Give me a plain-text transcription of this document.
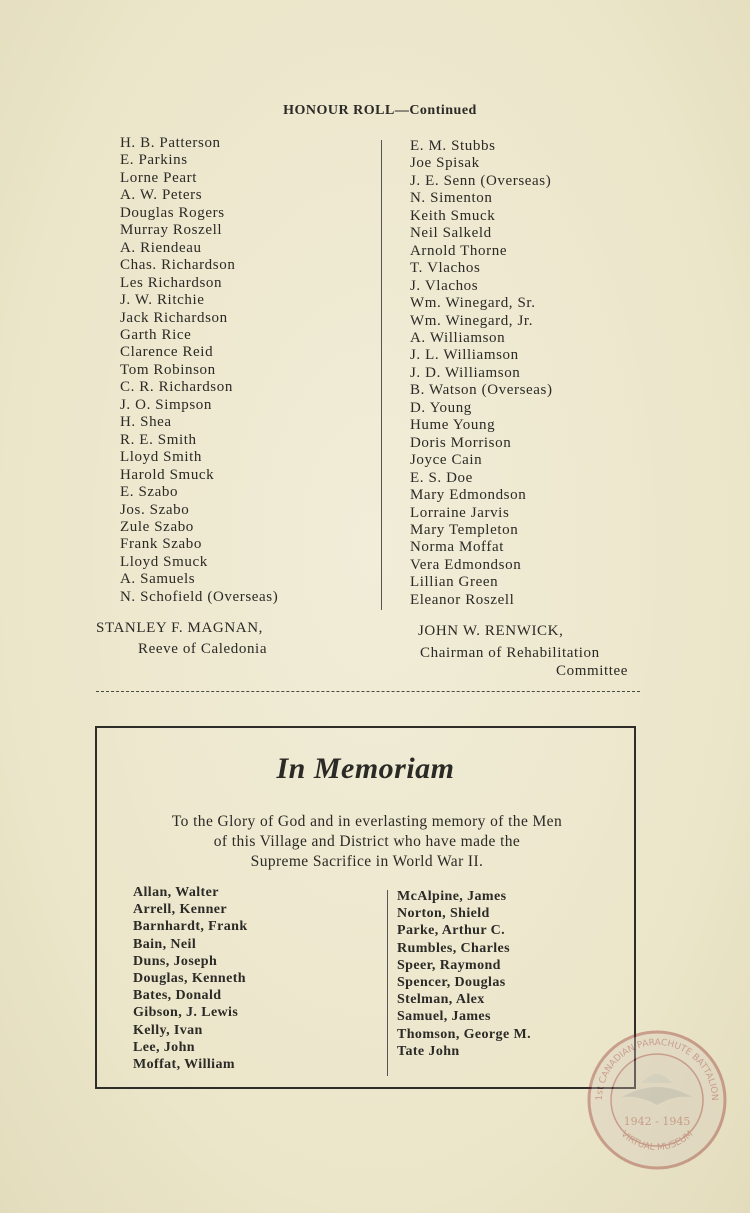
HONOUR ROLL—Continued
H. B. Patterson
E. Parkins
Lorne Peart
A. W. Peters
Douglas Rogers
Murray Roszell
A. Riendeau
Chas. Richardson
Les Richardson
J. W. Ritchie
Jack Richardson
Garth Rice
Clarence Reid
Tom Robinson
C. R. Richardson
J. O. Simpson
H. Shea
R. E. Smith
Lloyd Smith
Harold Smuck
E. Szabo
Jos. Szabo
Zule Szabo
Frank Szabo
Lloyd Smuck
A. Samuels
N. Schofield (Overseas)
E. M. Stubbs
Joe Spisak
J. E. Senn (Overseas)
N. Simenton
Keith Smuck
Neil Salkeld
Arnold Thorne
T. Vlachos
J. Vlachos
Wm. Winegard, Sr.
Wm. Winegard, Jr.
A. Williamson
J. L. Williamson
J. D. Williamson
B. Watson (Overseas)
D. Young
Hume Young
Doris Morrison
Joyce Cain
E. S. Doe
Mary Edmondson
Lorraine Jarvis
Mary Templeton
Norma Moffat
Vera Edmondson
Lillian Green
Eleanor Roszell
STANLEY F. MAGNAN,
Reeve of Caledonia
JOHN W. RENWICK,
Chairman of Rehabilitation
Committee
In Memoriam
To the Glory of God and in everlasting memory of the Men
of this Village and District who have made the
Supreme Sacrifice in World War II.
Allan, Walter
Arrell, Kenner
Barnhardt, Frank
Bain, Neil
Duns, Joseph
Douglas, Kenneth
Bates, Donald
Gibson, J. Lewis
Kelly, Ivan
Lee, John
Moffat, William
McAlpine, James
Norton, Shield
Parke, Arthur C.
Rumbles, Charles
Speer, Raymond
Spencer, Douglas
Stelman, Alex
Samuel, James
Thomson, George M.
Tate John
1st CANADIAN PARACHUTE BATTALION
1942 - 1945
VIRTUAL MUSEUM
